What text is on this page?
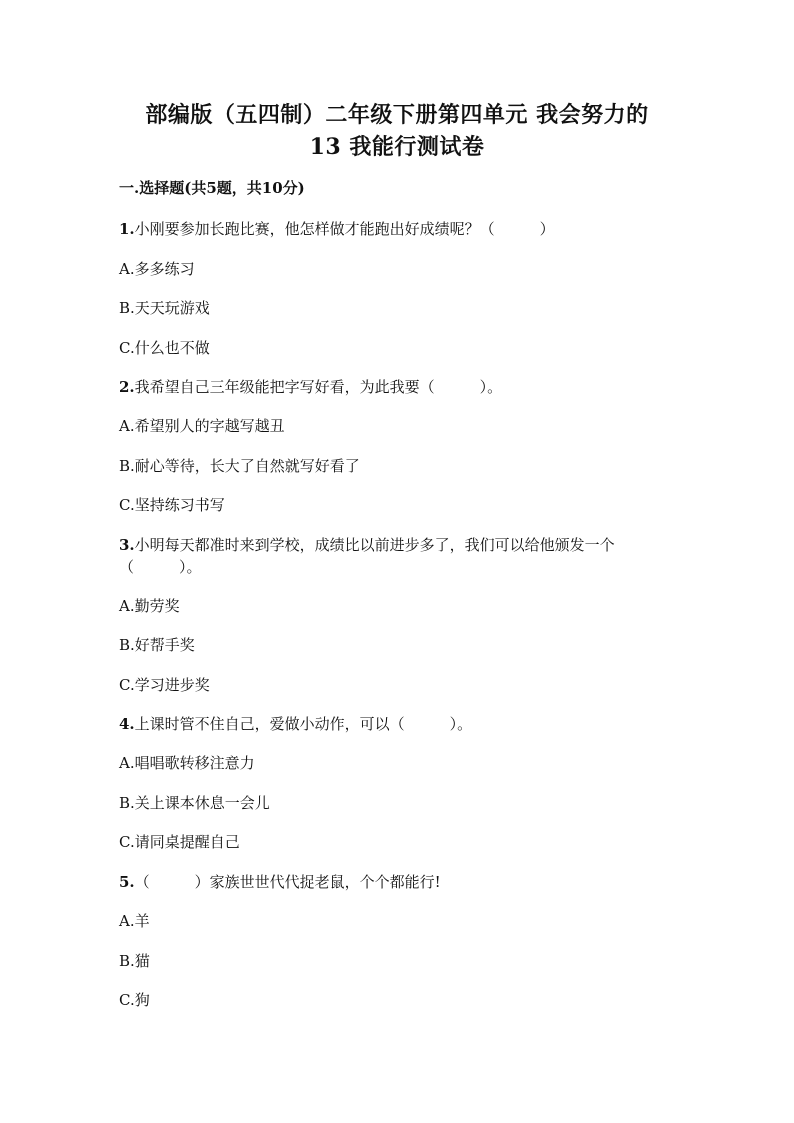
部编版（五四制）二年级下册第四单元 我会努力的
13 我能行测试卷
一.选择题(共5题，共10分)
1.小刚要参加长跑比赛，他怎样做才能跑出好成绩呢？（　　　）
A.多多练习
B.天天玩游戏
C.什么也不做
2.我希望自己三年级能把字写好看，为此我要（　　　）。
A.希望别人的字越写越丑
B.耐心等待，长大了自然就写好看了
C.坚持练习书写
3.小明每天都准时来到学校，成绩比以前进步多了，我们可以给他颁发一个
（　　　）。
A.勤劳奖
B.好帮手奖
C.学习进步奖
4.上课时管不住自己，爱做小动作，可以（　　　）。
A.唱唱歌转移注意力
B.关上课本休息一会儿
C.请同桌提醒自己
5.（　　　）家族世世代代捉老鼠，个个都能行!
A.羊
B.猫
C.狗
